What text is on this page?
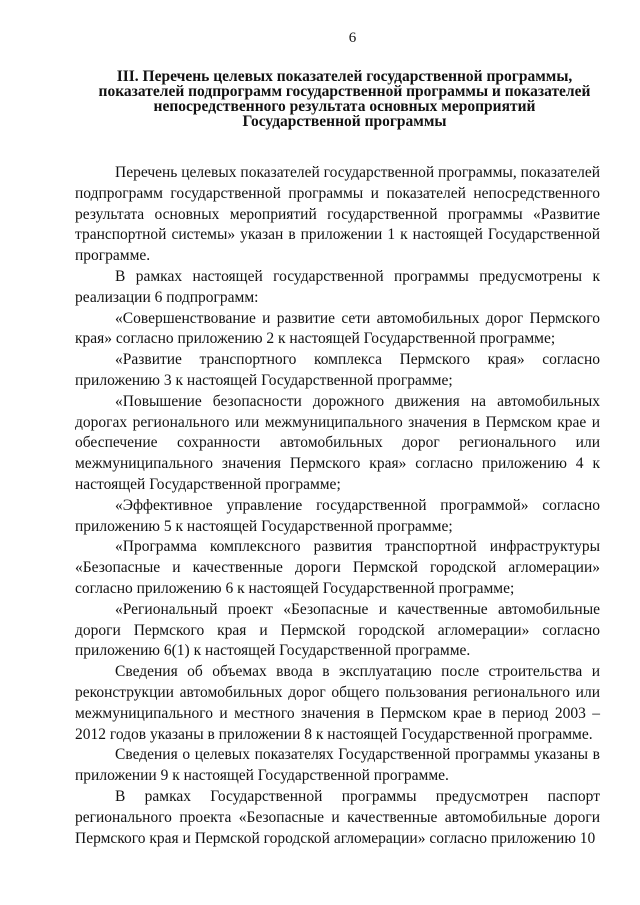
6
III. Перечень целевых показателей государственной программы,
показателей подпрограмм государственной программы и показателей
непосредственного результата основных мероприятий
Государственной программы

Перечень целевых показателей государственной программы, показателей подпрограмм государственной программы и показателей непосредственного результата основных мероприятий государственной программы «Развитие транспортной системы» указан в приложении 1 к настоящей Государственной программе.

В рамках настоящей государственной программы предусмотрены к реализации 6 подпрограмм:

«Совершенствование и развитие сети автомобильных дорог Пермского края» согласно приложению 2 к настоящей Государственной программе;

«Развитие транспортного комплекса Пермского края» согласно приложению 3 к настоящей Государственной программе;

«Повышение безопасности дорожного движения на автомобильных дорогах регионального или межмуниципального значения в Пермском крае и обеспечение сохранности автомобильных дорог регионального или межмуниципального значения Пермского края» согласно приложению 4 к настоящей Государственной программе;

«Эффективное управление государственной программой» согласно приложению 5 к настоящей Государственной программе;

«Программа комплексного развития транспортной инфраструктуры «Безопасные и качественные дороги Пермской городской агломерации» согласно приложению 6 к настоящей Государственной программе;

«Региональный проект «Безопасные и качественные автомобильные дороги Пермского края и Пермской городской агломерации» согласно приложению 6(1) к настоящей Государственной программе.

Сведения об объемах ввода в эксплуатацию после строительства и реконструкции автомобильных дорог общего пользования регионального или межмуниципального и местного значения в Пермском крае в период 2003 – 2012 годов указаны в приложении 8 к настоящей Государственной программе.

Сведения о целевых показателях Государственной программы указаны в приложении 9 к настоящей Государственной программе.

В рамках Государственной программы предусмотрен паспорт регионального проекта «Безопасные и качественные автомобильные дороги Пермского края и Пермской городской агломерации» согласно приложению 10
